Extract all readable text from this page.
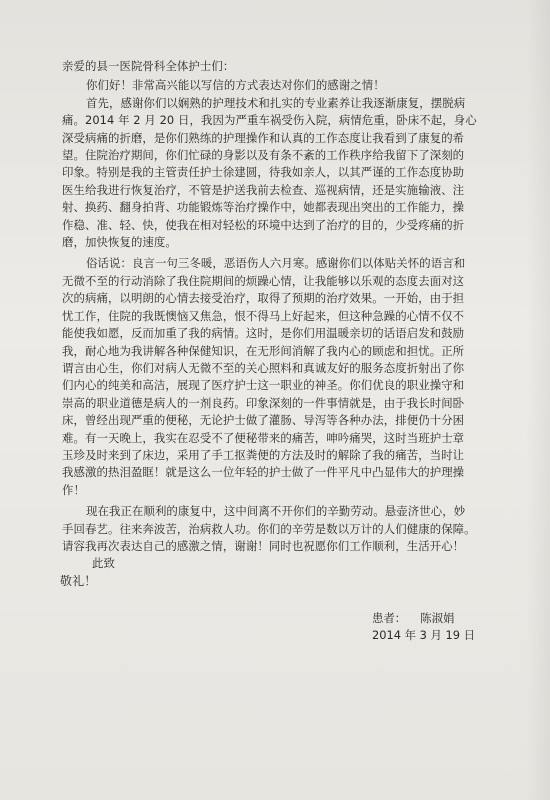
亲爱的县一医院骨科全体护士们：
你们好！非常高兴能以写信的方式表达对你们的感谢之情！
首先，感谢你们以娴熟的护理技术和扎实的专业素养让我逐渐康复，摆脱病
痛。2014 年 2 月 20 日，我因为严重车祸受伤入院，病情危重，卧床不起，身心
深受病痛的折磨，是你们熟练的护理操作和认真的工作态度让我看到了康复的希
望。住院治疗期间，你们忙碌的身影以及有条不紊的工作秩序给我留下了深刻的
印象。特别是我的主管责任护士徐建圆，待我如亲人，以其严谨的工作态度协助
医生给我进行恢复治疗，不管是护送我前去检查、巡视病情，还是实施输液、注
射、换药、翻身拍背、功能锻炼等治疗操作中，她都表现出突出的工作能力，操
作稳、准、轻、快，使我在相对轻松的环境中达到了治疗的目的，少受疼痛的折
磨，加快恢复的速度。
俗话说：良言一句三冬暖，恶语伤人六月寒。感谢你们以体贴关怀的语言和
无微不至的行动消除了我住院期间的烦躁心情，让我能够以乐观的态度去面对这
次的病痛，以明朗的心情去接受治疗，取得了预期的治疗效果。一开始，由于担
忧工作，住院的我既懊恼又焦急，恨不得马上好起来，但这种急躁的心情不仅不
能使我如愿，反而加重了我的病情。这时，是你们用温暖亲切的话语启发和鼓励
我，耐心地为我讲解各种保健知识，在无形间消解了我内心的顾虑和担忧。正所
谓言由心生，你们对病人无微不至的关心照料和真诚友好的服务态度折射出了你
们内心的纯美和高洁，展现了医疗护士这一职业的神圣。你们优良的职业操守和
崇高的职业道德是病人的一剂良药。印象深刻的一件事情就是，由于我长时间卧
床，曾经出现严重的便秘，无论护士做了灌肠、导泻等各种办法，排便仍十分困
难。有一天晚上，我实在忍受不了便秘带来的痛苦，呻吟痛哭，这时当班护士章
玉珍及时来到了床边，采用了手工抠粪便的方法及时的解除了我的痛苦，当时让
我感激的热泪盈眶！就是这么一位年轻的护士做了一件平凡中凸显伟大的护理操
作！
现在我正在顺利的康复中，这中间离不开你们的辛勤劳动。悬壶济世心，妙
手回春艺。往来奔波苦，治病救人功。你们的辛劳是数以万计的人们健康的保障。
请容我再次表达自己的感激之情，谢谢！同时也祝愿你们工作顺利，生活开心！
此致
敬礼！
患者： 陈淑娟
2014 年 3 月 19 日
